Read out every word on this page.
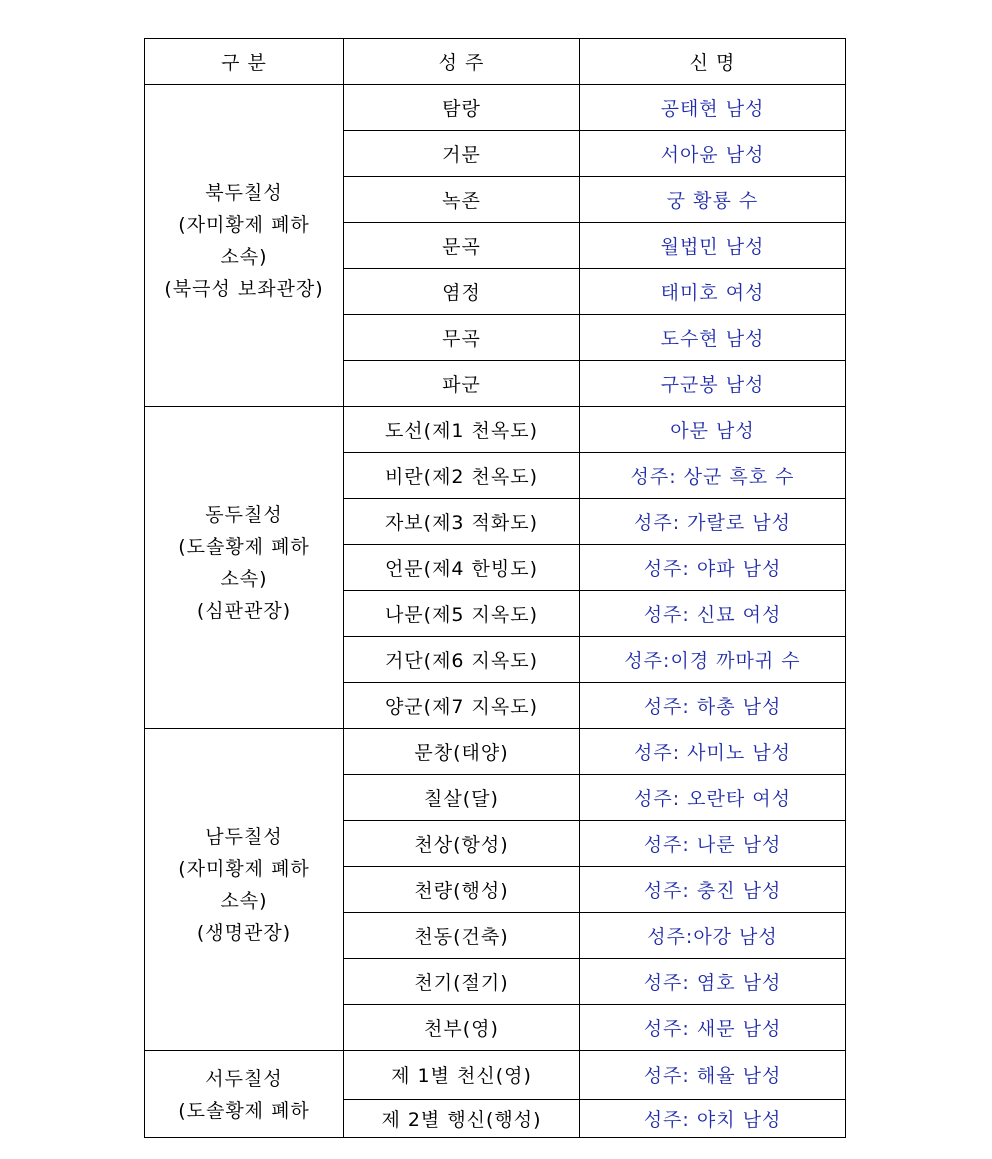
구 분	성 주	신 명

북두칠성
(자미황제 폐하
소속)
(북극성 보좌관장)	탐랑	공태현 남성
	거문	서아윤 남성
	녹존	궁 황룡 수
	문곡	월법민 남성
	염정	태미호 여성
	무곡	도수현 남성
	파군	구군봉 남성

동두칠성
(도솔황제 폐하
소속)
(심판관장)	도선(제1 천옥도)	아문 남성
	비란(제2 천옥도)	성주: 상군 흑호 수
	자보(제3 적화도)	성주: 가랄로 남성
	언문(제4 한빙도)	성주: 야파 남성
	나문(제5 지옥도)	성주: 신묘 여성
	거단(제6 지옥도)	성주:이경 까마귀 수
	양군(제7 지옥도)	성주: 하총 남성

남두칠성
(자미황제 폐하
소속)
(생명관장)	문창(태양)	성주: 사미노 남성
	칠살(달)	성주: 오란타 여성
	천상(항성)	성주: 나룬 남성
	천량(행성)	성주: 충진 남성
	천동(건축)	성주:아강 남성
	천기(절기)	성주: 염호 남성
	천부(영)	성주: 새문 남성

서두칠성
(도솔황제 폐하	제 1별 천신(영)	성주: 해율 남성
	제 2별 행신(행성)	성주: 야치 남성
